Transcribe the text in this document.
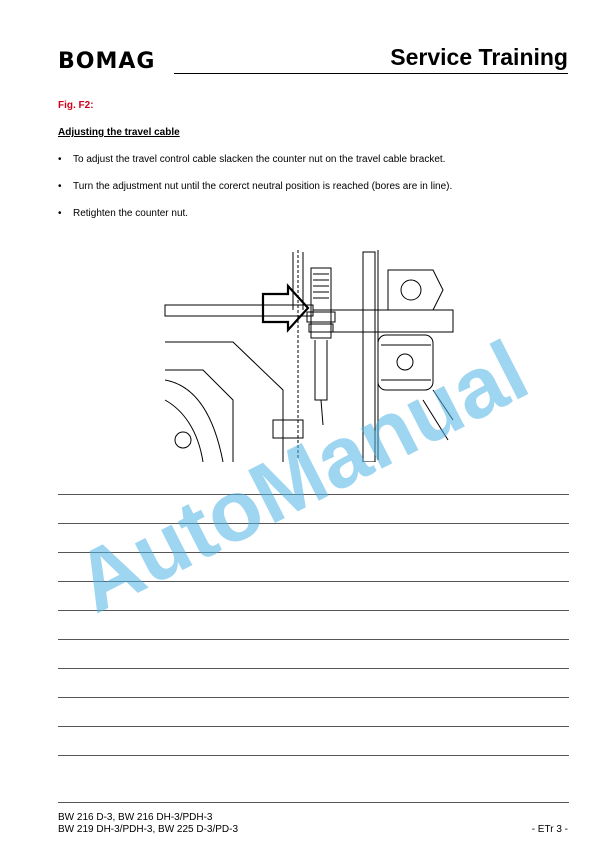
BOMAG	Service Training
Fig. F2:
Adjusting the travel cable
• To adjust the travel control cable slacken the counter nut on the travel cable bracket.
• Turn the adjustment nut until the corerct neutral position is reached (bores are in line).
• Retighten the counter nut.
AutoManual
BW 216 D-3, BW 216 DH-3/PDH-3
BW 219 DH-3/PDH-3, BW 225 D-3/PD-3	- ETr 3 -
